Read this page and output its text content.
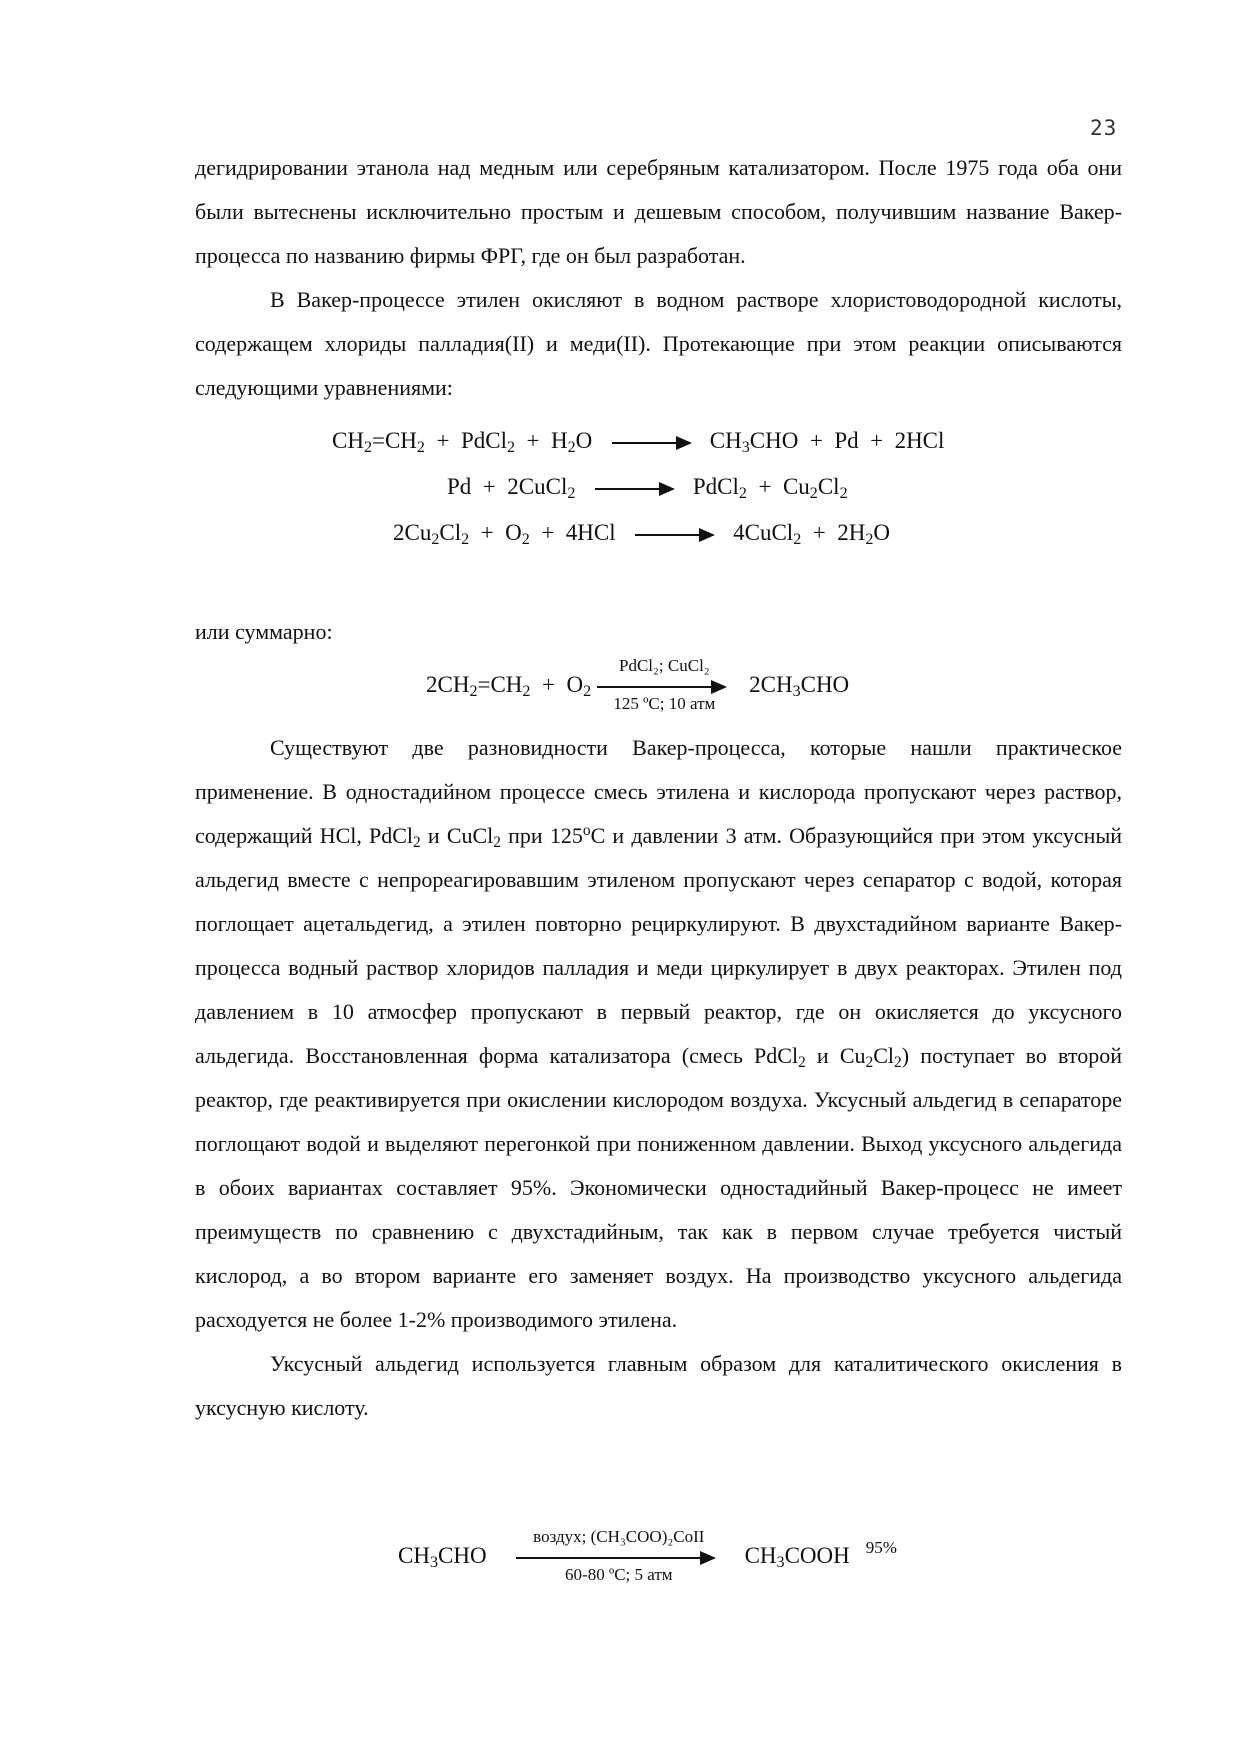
23

дегидрировании этанола над медным или серебряным катализатором. После 1975 года оба они были вытеснены исключительно простым и дешевым способом, получившим название Вакер-процесса по названию фирмы ФРГ, где он был разработан.

В Вакер-процессе этилен окисляют в водном растворе хлористоводородной кислоты, содержащем хлориды палладия(II) и меди(II). Протекающие при этом реакции описываются следующими уравнениями:

$CH_2=CH_2$  +  PdCl$_2$  +  $H_2O \to CH_3CHO + Pd + 2HCl$
Pd  +  2CuCl$_2$ → PdCl$_2$  +  $Cu_2Cl_2$
$2Cu_2Cl_2 + O_2 + 4HCl$ → 4CuCl$_2$  +  $2H_2O$

или суммарно:

$2CH_2=CH_2 + O_2$
PdCl₂; CuCl₂
125 ºC; 10 атм
$2CH_3CHO$

Существуют две разновидности Вакер-процесса, которые нашли практическое применение. В одностадийном процессе смесь этилена и кислорода пропускают через раствор, содержащий HCl, PdCl$_2$ и CuCl$_2$ при 125$^o$С и давлении 3 атм. Образующийся при этом уксусный альдегид вместе с непрореагировавшим этиленом пропускают через сепаратор с водой, которая поглощает ацетальдегид, а этилен повторно рециркулируют. В двухстадийном варианте Вакер-процесса водный раствор хлоридов палладия и меди циркулирует в двух реакторах. Этилен под давлением в 10 атмосфер пропускают в первый реактор, где он окисляется до уксусного альдегида. Восстановленная форма катализатора (смесь PdCl$_2$ и $Cu_2Cl_2$) поступает во второй реактор, где реактивируется при окислении кислородом воздуха. Уксусный альдегид в сепараторе поглощают водой и выделяют перегонкой при пониженном давлении. Выход уксусного альдегида в обоих вариантах составляет 95%. Экономически одностадийный Вакер-процесс не имеет преимуществ по сравнению с двухстадийным, так как в первом случае требуется чистый кислород, а во втором варианте его заменяет воздух. На производство уксусного альдегида расходуется не более 1-2% производимого этилена.

Уксусный альдегид используется главным образом для каталитического окисления в уксусную кислоту.

$CH_3CHO$
воздух; (CH₃COO)₂CoII
60-80 ºC; 5 атм
$CH_3COOH$ $^{95\%}$
